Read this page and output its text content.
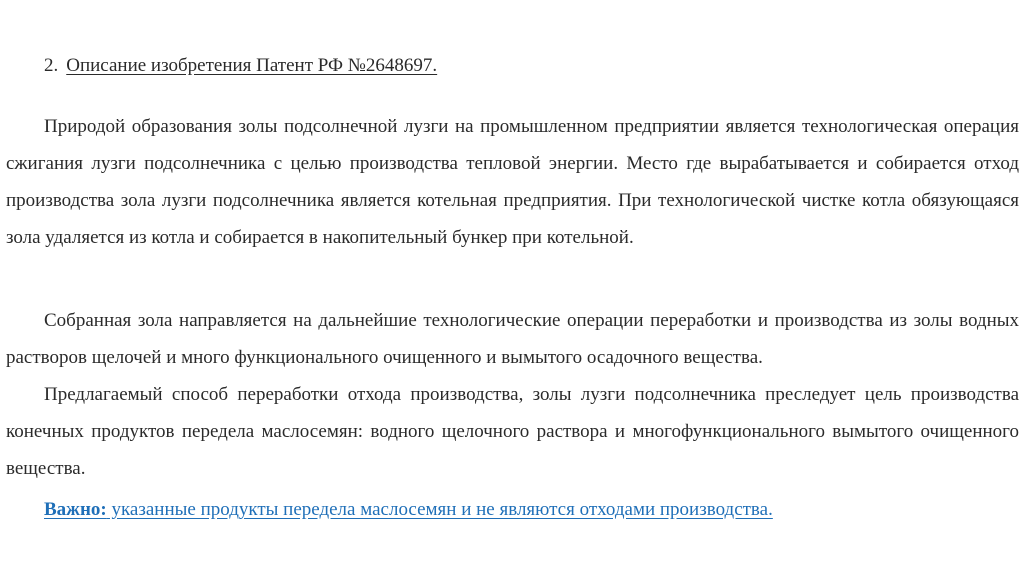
2. Описание изобретения Патент РФ №2648697.

Природой образования золы подсолнечной лузги на промышленном предприятии является технологическая операция сжигания лузги подсолнечника с целью производства тепловой энергии. Место где вырабатывается и собирается отход производства зола лузги подсолнечника является котельная предприятия. При технологической чистке котла обязующаяся зола удаляется из котла и собирается в накопительный бункер при котельной.

Собранная зола направляется на дальнейшие технологические операции переработки и производства из золы водных растворов щелочей и много функционального очищенного и вымытого осадочного вещества.

Предлагаемый способ переработки отхода производства, золы лузги подсолнечника преследует цель производства конечных продуктов передела маслосемян: водного щелочного раствора и многофункционального вымытого очищенного вещества.

Важно: указанные продукты передела маслосемян и не являются отходами производства.
